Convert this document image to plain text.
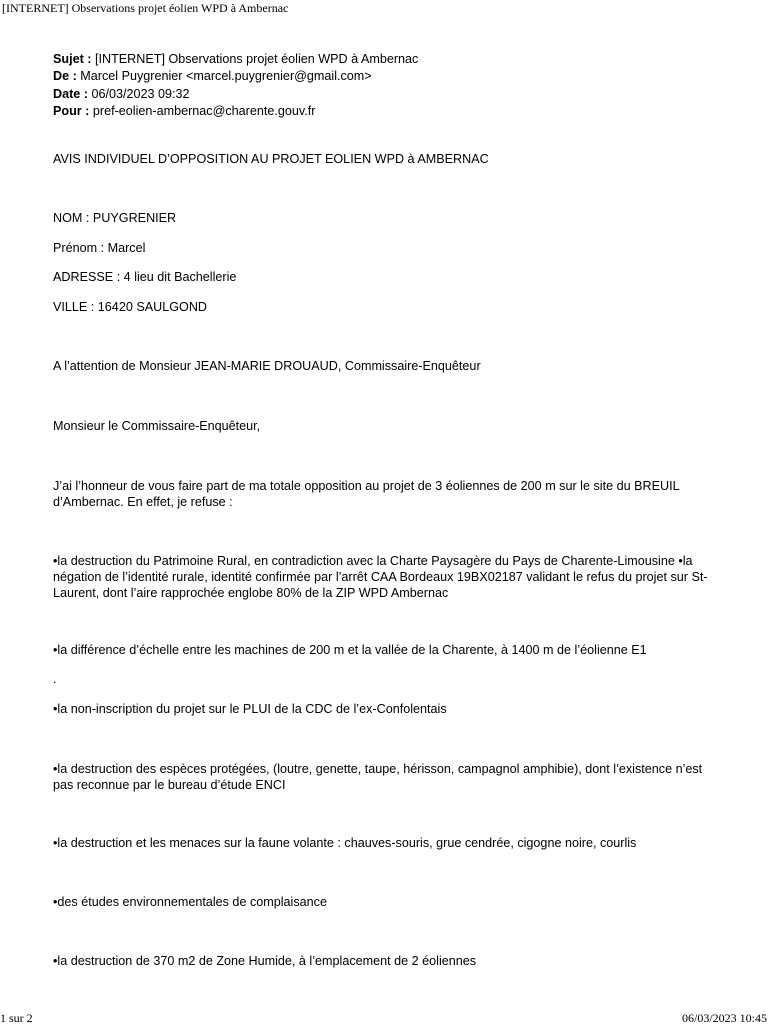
[INTERNET] Observations projet éolien WPD à Ambernac
Sujet : [INTERNET] Observations projet éolien WPD à Ambernac
De : Marcel Puygrenier <marcel.puygrenier@gmail.com>
Date : 06/03/2023 09:32
Pour : pref-eolien-ambernac@charente.gouv.fr
AVIS INDIVIDUEL D’OPPOSITION AU PROJET EOLIEN WPD à AMBERNAC
NOM : PUYGRENIER
Prénom : Marcel
ADRESSE : 4 lieu dit Bachellerie
VILLE : 16420 SAULGOND
A l’attention de Monsieur JEAN-MARIE DROUAUD, Commissaire-Enquêteur
Monsieur le Commissaire-Enquêteur,
J’ai l’honneur de vous faire part de ma totale opposition au projet de 3 éoliennes de 200 m sur le site du BREUIL d’Ambernac. En effet, je refuse :
•la destruction du Patrimoine Rural, en contradiction avec la Charte Paysagère du Pays de Charente-Limousine •la négation de l’identité rurale, identité confirmée par l’arrêt CAA Bordeaux 19BX02187 validant le refus du projet sur St-Laurent, dont l’aire rapprochée englobe 80% de la ZIP WPD Ambernac
•la différence d’échelle entre les machines de 200 m et la vallée de la Charente, à 1400 m de l’éolienne E1
.
•la non-inscription du projet sur le PLUI de la CDC de l’ex-Confolentais
•la destruction des espèces protégées, (loutre, genette, taupe, hérisson, campagnol amphibie), dont l’existence n’est pas reconnue par le bureau d’étude ENCI
•la destruction et les menaces sur la faune volante : chauves-souris, grue cendrée, cigogne noire, courlis
•des études environnementales de complaisance
•la destruction de 370 m2 de Zone Humide, à l’emplacement de 2 éoliennes
1 sur 2	06/03/2023 10:45
